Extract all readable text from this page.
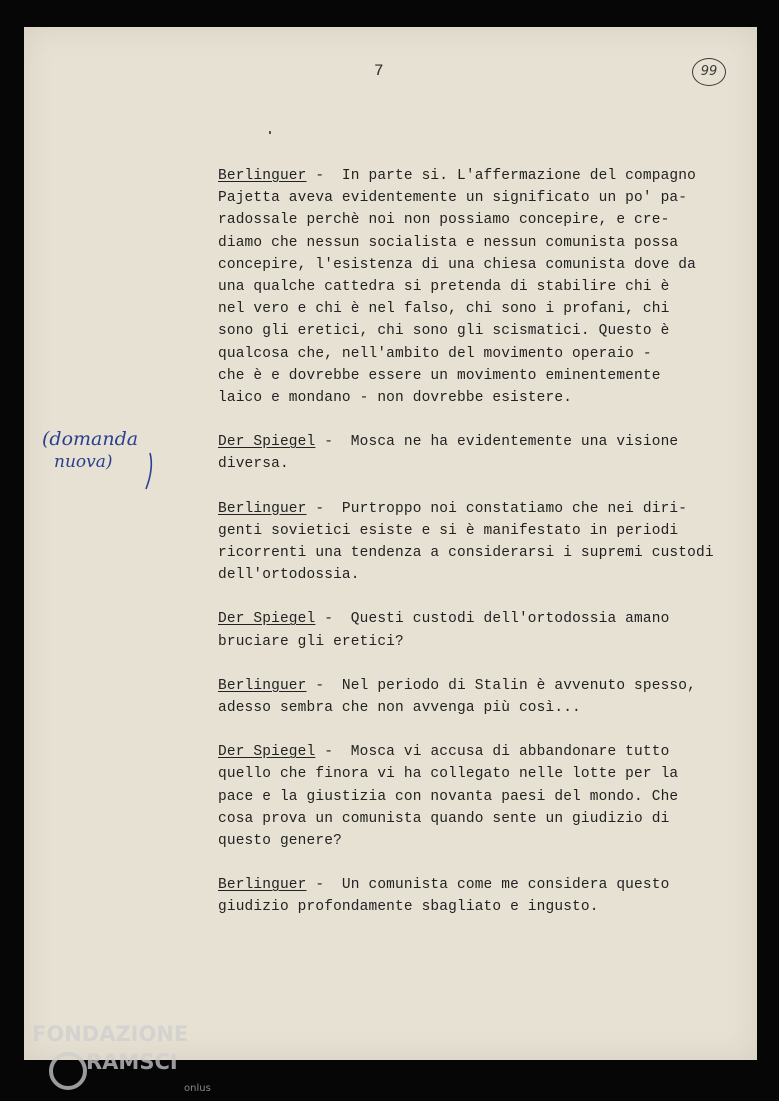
7	99
(domanda
nuova)
Berlinguer -  In parte si. L'affermazione del compagno
Pajetta aveva evidentemente un significato un po' pa-
radossale perchè noi non possiamo concepire, e cre-
diamo che nessun socialista e nessun comunista possa
concepire, l'esistenza di una chiesa comunista dove da
una qualche cattedra si pretenda di stabilire chi è
nel vero e chi è nel falso, chi sono i profani, chi
sono gli eretici, chi sono gli scismatici. Questo è
qualcosa che, nell'ambito del movimento operaio -
che è e dovrebbe essere un movimento eminentemente
laico e mondano - non dovrebbe esistere.
Der Spiegel -  Mosca ne ha evidentemente una visione
diversa.
Berlinguer -  Purtroppo noi constatiamo che nei diri-
genti sovietici esiste e si è manifestato in periodi
ricorrenti una tendenza a considerarsi i supremi custodi
dell'ortodossia.
Der Spiegel -  Questi custodi dell'ortodossia amano
bruciare gli eretici?
Berlinguer -  Nel periodo di Stalin è avvenuto spesso,
adesso sembra che non avvenga più così...
Der Spiegel -  Mosca vi accusa di abbandonare tutto
quello che finora vi ha collegato nelle lotte per la
pace e la giustizia con novanta paesi del mondo. Che
cosa prova un comunista quando sente un giudizio di
questo genere?
Berlinguer -  Un comunista come me considera questo
giudizio profondamente sbagliato e ingusto.
FONDAZIONE
RAMSCI
onlus
